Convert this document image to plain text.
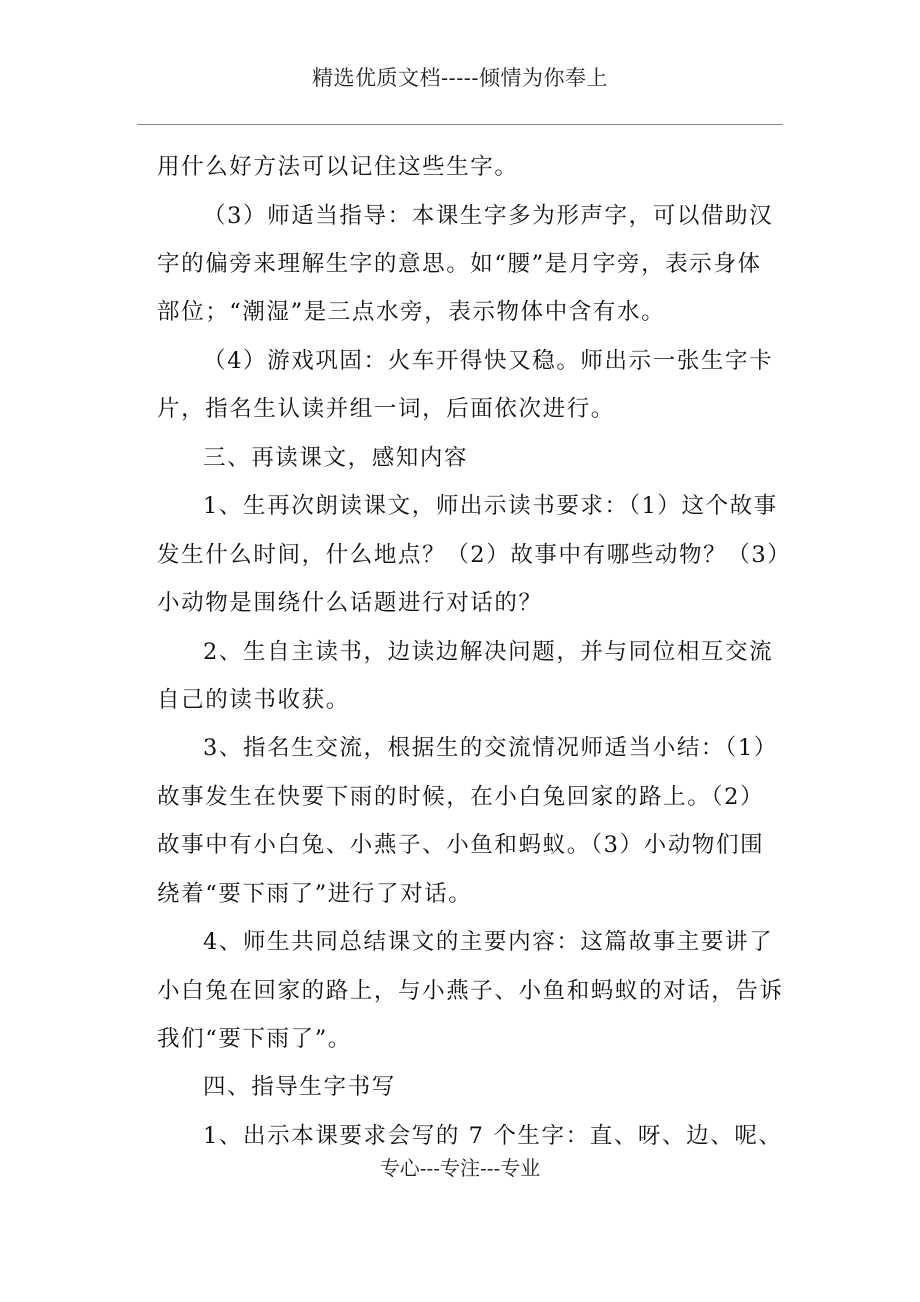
精选优质文档-----倾情为你奉上
用什么好方法可以记住这些生字。
（3）师适当指导：本课生字多为形声字，可以借助汉
字的偏旁来理解生字的意思。如“腰”是月字旁，表示身体
部位；“潮湿”是三点水旁，表示物体中含有水。
（4）游戏巩固：火车开得快又稳。师出示一张生字卡
片，指名生认读并组一词，后面依次进行。
三、再读课文，感知内容
1、生再次朗读课文，师出示读书要求：（1）这个故事
发生什么时间，什么地点？（2）故事中有哪些动物？（3）
小动物是围绕什么话题进行对话的？
2、生自主读书，边读边解决问题，并与同位相互交流
自己的读书收获。
3、指名生交流，根据生的交流情况师适当小结：（1）
故事发生在快要下雨的时候，在小白兔回家的路上。（2）
故事中有小白兔、小燕子、小鱼和蚂蚁。（3）小动物们围
绕着“要下雨了”进行了对话。
4、师生共同总结课文的主要内容：这篇故事主要讲了
小白兔在回家的路上，与小燕子、小鱼和蚂蚁的对话，告诉
我们“要下雨了”。
四、指导生字书写
1、出示本课要求会写的 7 个生字：直、呀、边、呢、
专心---专注---专业
